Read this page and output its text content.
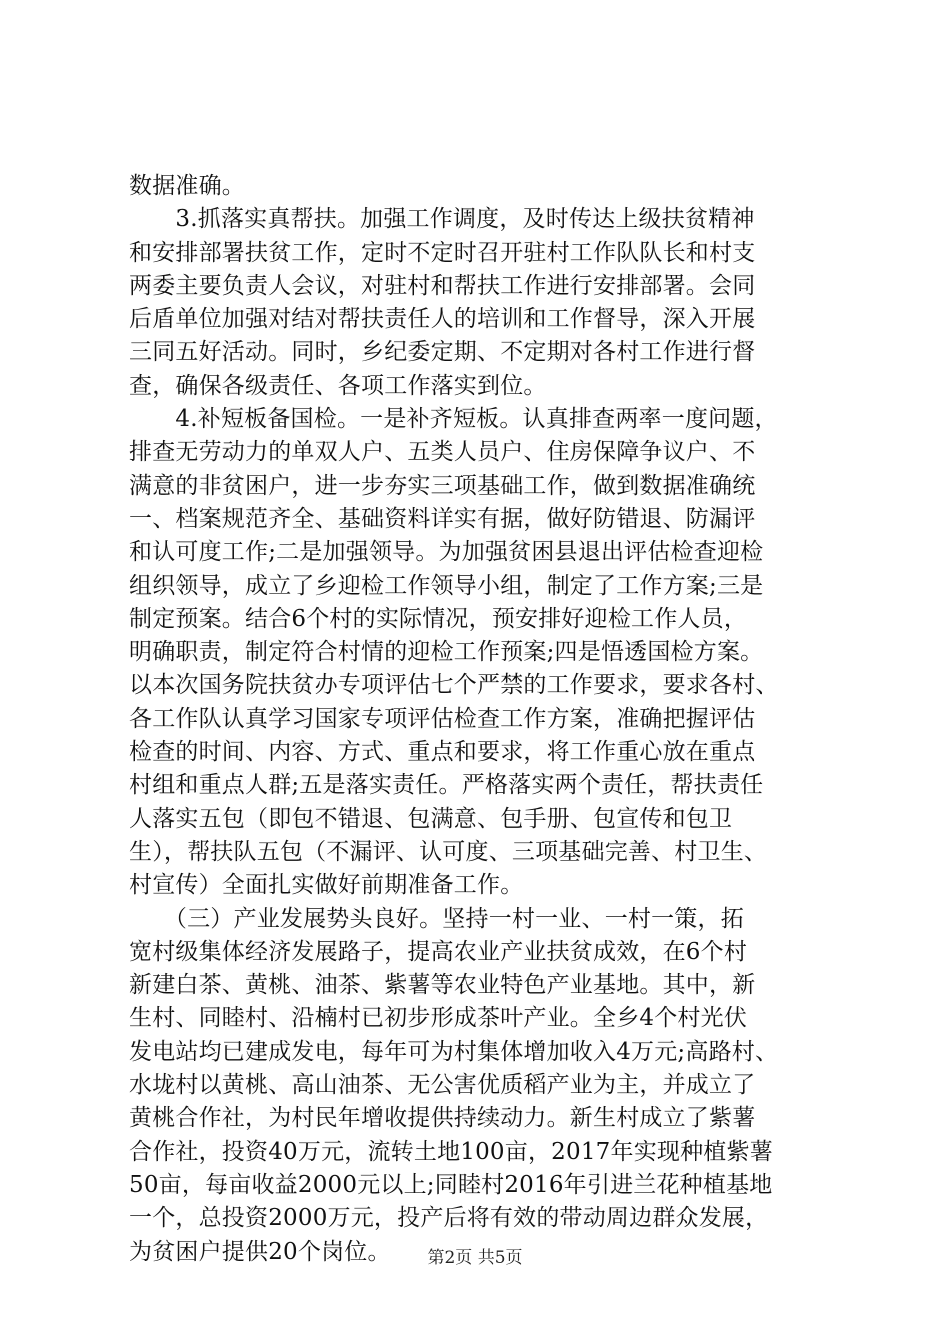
数据准确。
　　3.抓落实真帮扶。加强工作调度，及时传达上级扶贫精神
和安排部署扶贫工作，定时不定时召开驻村工作队队长和村支
两委主要负责人会议，对驻村和帮扶工作进行安排部署。会同
后盾单位加强对结对帮扶责任人的培训和工作督导，深入开展
三同五好活动。同时，乡纪委定期、不定期对各村工作进行督
查，确保各级责任、各项工作落实到位。
　　4.补短板备国检。一是补齐短板。认真排查两率一度问题，
排查无劳动力的单双人户、五类人员户、住房保障争议户、不
满意的非贫困户，进一步夯实三项基础工作，做到数据准确统
一、档案规范齐全、基础资料详实有据，做好防错退、防漏评
和认可度工作;二是加强领导。为加强贫困县退出评估检查迎检
组织领导，成立了乡迎检工作领导小组，制定了工作方案;三是
制定预案。结合6个村的实际情况，预安排好迎检工作人员，
明确职责，制定符合村情的迎检工作预案;四是悟透国检方案。
以本次国务院扶贫办专项评估七个严禁的工作要求，要求各村、
各工作队认真学习国家专项评估检查工作方案，准确把握评估
检查的时间、内容、方式、重点和要求，将工作重心放在重点
村组和重点人群;五是落实责任。严格落实两个责任，帮扶责任
人落实五包（即包不错退、包满意、包手册、包宣传和包卫
生），帮扶队五包（不漏评、认可度、三项基础完善、村卫生、
村宣传）全面扎实做好前期准备工作。
　　（三）产业发展势头良好。坚持一村一业、一村一策，拓
宽村级集体经济发展路子，提高农业产业扶贫成效，在6个村
新建白茶、黄桃、油茶、紫薯等农业特色产业基地。其中，新
生村、同睦村、沿楠村已初步形成茶叶产业。全乡4个村光伏
发电站均已建成发电，每年可为村集体增加收入4万元;高路村、
水垅村以黄桃、高山油茶、无公害优质稻产业为主，并成立了
黄桃合作社，为村民年增收提供持续动力。新生村成立了紫薯
合作社，投资40万元，流转土地100亩，2017年实现种植紫薯
50亩，每亩收益2000元以上;同睦村2016年引进兰花种植基地
一个，总投资2000万元，投产后将有效的带动周边群众发展，
为贫困户提供20个岗位。	第2页 共5页
